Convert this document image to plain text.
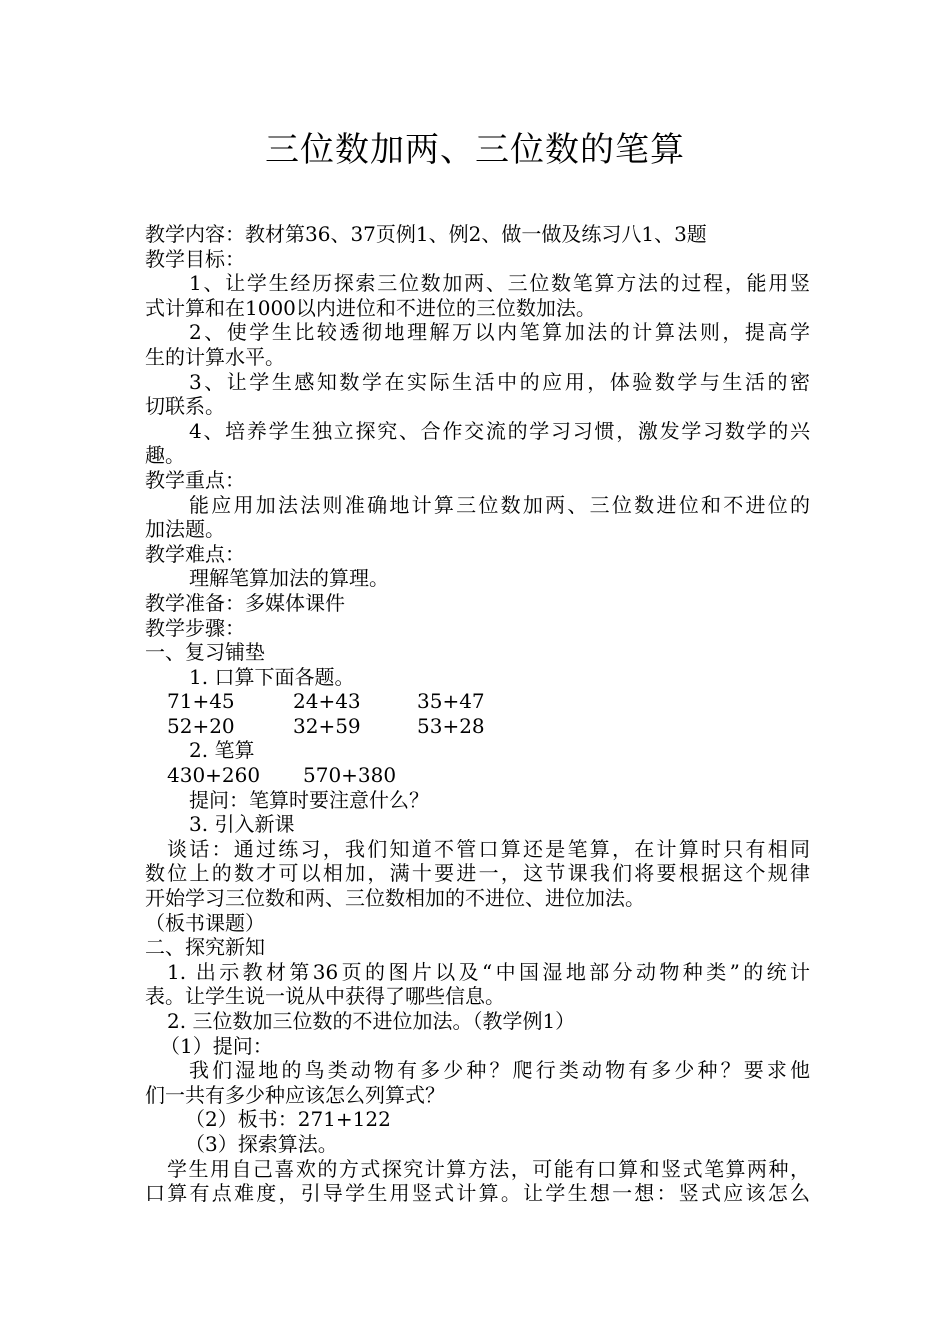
三位数加两、三位数的笔算
教学内容：教材第36、37页例1、例2、做一做及练习八1、3题
教学目标：
1、让学生经历探索三位数加两、三位数笔算方法的过程，能用竖
式计算和在1000以内进位和不进位的三位数加法。
2、使学生比较透彻地理解万以内笔算加法的计算法则，提高学
生的计算水平。
3、让学生感知数学在实际生活中的应用，体验数学与生活的密
切联系。
4、培养学生独立探究、合作交流的学习习惯，激发学习数学的兴
趣。
教学重点：
能应用加法法则准确地计算三位数加两、三位数进位和不进位的
加法题。
教学难点：
理解笔算加法的算理。
教学准备：多媒体课件
教学步骤：
一、复习铺垫
1. 口算下面各题。
71+45	24+43	35+47
52+20	32+59	53+28
2. 笔算
430+260 570+380
提问：笔算时要注意什么？
3. 引入新课
谈话：通过练习，我们知道不管口算还是笔算，在计算时只有相同
数位上的数才可以相加，满十要进一，这节课我们将要根据这个规律
开始学习三位数和两、三位数相加的不进位、进位加法。
（板书课题）
二、探究新知
1. 出示教材第36页的图片以及“中国湿地部分动物种类”的统计
表。让学生说一说从中获得了哪些信息。
2. 三位数加三位数的不进位加法。（教学例1）
（1）提问：
我们湿地的鸟类动物有多少种？爬行类动物有多少种？要求他
们一共有多少种应该怎么列算式？
（2）板书：271+122
（3）探索算法。
学生用自己喜欢的方式探究计算方法，可能有口算和竖式笔算两种，
口算有点难度，引导学生用竖式计算。让学生想一想：竖式应该怎么
